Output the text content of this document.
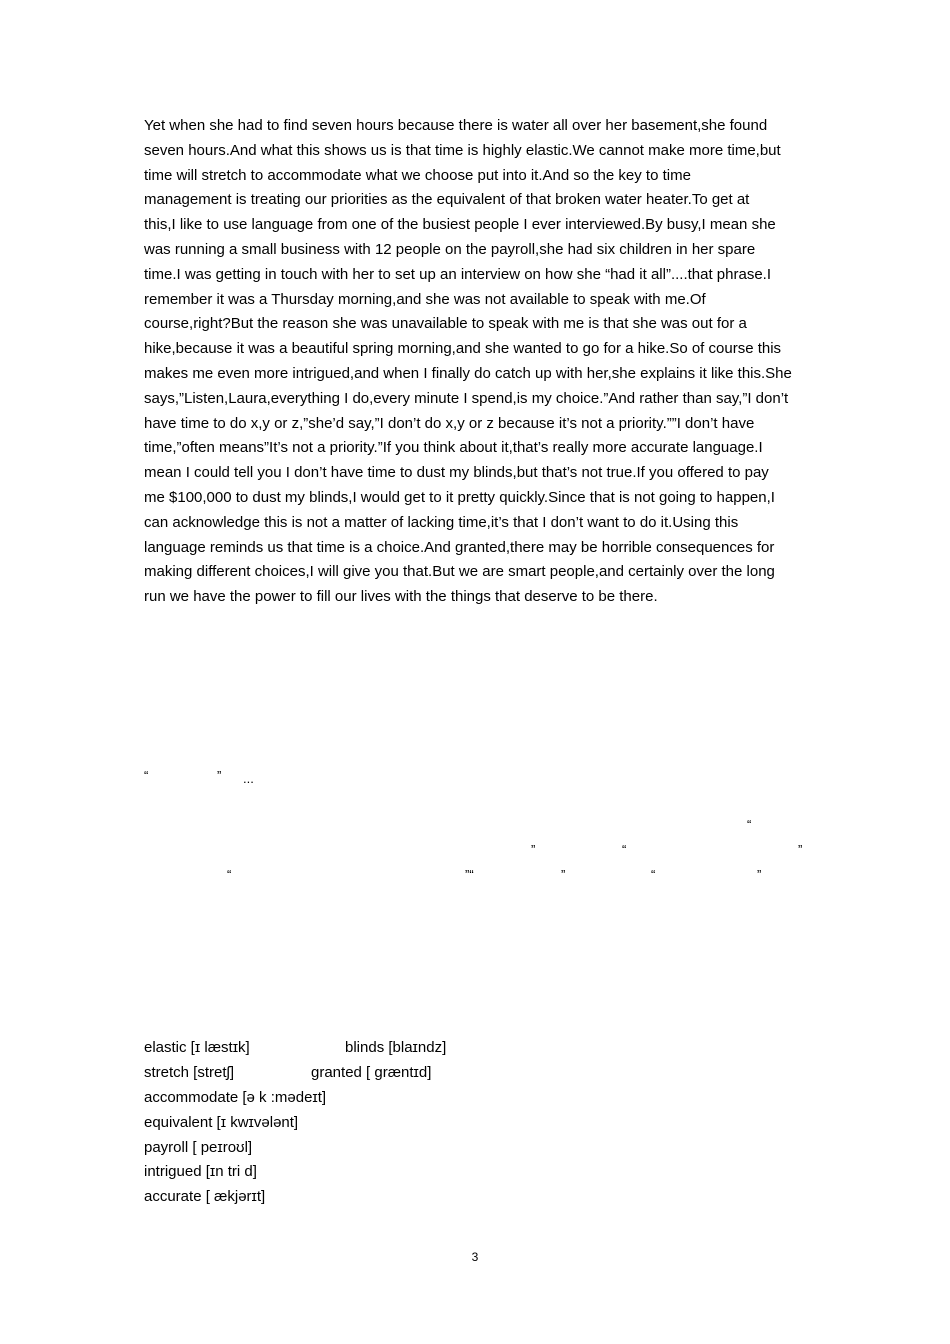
Yet when she had to find seven hours because there is water all over her basement,she found
seven hours.And what this shows us is that time is highly elastic.We cannot make more time,but
time will stretch to accommodate what we choose put into it.And so the key to time
management is treating our priorities as the equivalent of that broken water heater.To get at
this,I like to use language from one of the busiest people I ever interviewed.By busy,I mean she
was running a small business with 12 people on the payroll,she had six children in her spare
time.I was getting in touch with her to set up an interview on how she “had it all”....that phrase.I
remember it was a Thursday morning,and she was not available to speak with me.Of
course,right?But the reason she was unavailable to speak with me is that she was out for a
hike,because it was a beautiful spring morning,and she wanted to go for a hike.So of course this
makes me even more intrigued,and when I finally do catch up with her,she explains it like this.She
says,”Listen,Laura,everything I do,every minute I spend,is my choice.”And rather than say,”I don’t
have time to do x,y or z,”she’d say,”I don’t do x,y or z because it’s not a priority.””I don’t have
time,”often means”It’s not a priority.”If you think about it,that’s really more accurate language.I
mean I could tell you I don’t have time to dust my blinds,but that’s not true.If you offered to pay
me $100,000 to dust my blinds,I would get to it pretty quickly.Since that is not going to happen,I
can acknowledge this is not a matter of lacking time,it’s that I don’t want to do it.Using this
language reminds us that time is a choice.And granted,there may be horrible consequences for
making different choices,I will give you that.But we are smart people,and certainly over the long
run we have the power to fill our lives with the things that deserve to be there.
“	” ...
“
”	“	”
“	”“	”	“	”
elastic [ɪ læstɪk]	blinds [blaɪndz]
stretch [stretʃ]	granted [ græntɪd]
accommodate [ə k :mədeɪt]
equivalent [ɪ kwɪvələnt]
payroll [ peɪroʊl]
intrigued [ɪn tri d]
accurate [ ækjərɪt]
3
